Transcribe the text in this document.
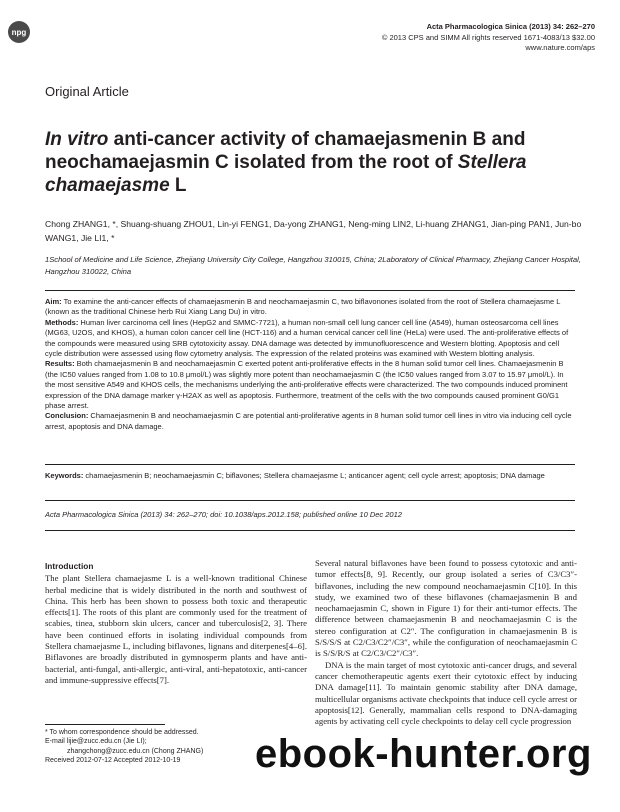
npg
Acta Pharmacologica Sinica (2013) 34: 262–270
© 2013 CPS and SIMM All rights reserved 1671-4083/13 $32.00
www.nature.com/aps
Original Article
In vitro anti-cancer activity of chamaejasmenin B and neochamaejasmin C isolated from the root of Stellera chamaejasme L
Chong ZHANG1, *, Shuang-shuang ZHOU1, Lin-yi FENG1, Da-yong ZHANG1, Neng-ming LIN2, Li-huang ZHANG1, Jian-ping PAN1, Jun-bo WANG1, Jie LI1, *
1School of Medicine and Life Science, Zhejiang University City College, Hangzhou 310015, China; 2Laboratory of Clinical Pharmacy, Zhejiang Cancer Hospital, Hangzhou 310022, China

Aim: To examine the anti-cancer effects of chamaejasmenin B and neochamaejasmin C, two biflavonones isolated from the root of Stellera chamaejasme L (known as the traditional Chinese herb Rui Xiang Lang Du) in vitro.

Methods: Human liver carcinoma cell lines (HepG2 and SMMC-7721), a human non-small cell lung cancer cell line (A549), human osteosarcoma cell lines (MG63, U2OS, and KHOS), a human colon cancer cell line (HCT-116) and a human cervical cancer cell line (HeLa) were used. The anti-proliferative effects of the compounds were measured using SRB cytotoxicity assay. DNA damage was detected by immunofluorescence and Western blotting. Apoptosis and cell cycle distribution were assessed using flow cytometry analysis. The expression of the related proteins was examined with Western blotting analysis.

Results: Both chamaejasmenin B and neochamaejasmin C exerted potent anti-proliferative effects in the 8 human solid tumor cell lines. Chamaejasmenin B (the IC50 values ranged from 1.08 to 10.8 μmol/L) was slightly more potent than neochamaejasmin C (the IC50 values ranged from 3.07 to 15.97 μmol/L). In the most sensitive A549 and KHOS cells, the mechanisms underlying the anti-proliferative effects were characterized. The two compounds induced prominent expression of the DNA damage marker γ-H2AX as well as apoptosis. Furthermore, treatment of the cells with the two compounds caused prominent G0/G1 phase arrest.

Conclusion: Chamaejasmenin B and neochamaejasmin C are potential anti-proliferative agents in 8 human solid tumor cell lines in vitro via inducing cell cycle arrest, apoptosis and DNA damage.

Keywords: chamaejasmenin B; neochamaejasmin C; biflavones; Stellera chamaejasme L; anticancer agent; cell cycle arrest; apoptosis; DNA damage
Acta Pharmacologica Sinica (2013) 34: 262–270; doi: 10.1038/aps.2012.158; published online 10 Dec 2012
Introduction

The plant Stellera chamaejasme L is a well-known traditional Chinese herbal medicine that is widely distributed in the north and southwest of China. This herb has been shown to possess both toxic and therapeutic effects[1]. The roots of this plant are commonly used for the treatment of scabies, tinea, stubborn skin ulcers, cancer and tuberculosis[2, 3]. There have been continued efforts in isolating individual compounds from Stellera chamaejasme L, including biflavones, lignans and diterpenes[4–6]. Biflavones are broadly distributed in gymnosperm plants and have anti-bacterial, anti-fungal, anti-allergic, anti-viral, anti-hepatotoxic, anti-cancer and immune-suppressive effects[7].

Several natural biflavones have been found to possess cytotoxic and anti-tumor effects[8, 9]. Recently, our group isolated a series of C3/C3″-biflavones, including the new compound neochamaejasmin C[10]. In this study, we examined two of these biflavones (chamaejasmenin B and neochamaejasmin C, shown in Figure 1) for their anti-tumor effects. The difference between chamaejasmenin B and neochamaejasmin C is the stereo configuration at C2″. The configuration in chamaejasmenin B is S/S/S/S at C2/C3/C2″/C3″, while the configuration of neochamaejasmin C is S/S/R/S at C2/C3/C2″/C3″.

DNA is the main target of most cytotoxic anti-cancer drugs, and several cancer chemotherapeutic agents exert their cytotoxic effect by inducing DNA damage[11]. To maintain genomic stability after DNA damage, multicellular organisms activate checkpoints that induce cell cycle arrest or apoptosis[12]. Generally, mammalian cells respond to DNA-damaging agents by activating cell cycle checkpoints to delay cell cycle progression

* To whom correspondence should be addressed.

E-mail lijie@zucc.edu.cn (Jie LI);

zhangchong@zucc.edu.cn (Chong ZHANG)

Received 2012-07-12 Accepted 2012-10-19	ebook-hunter.org
